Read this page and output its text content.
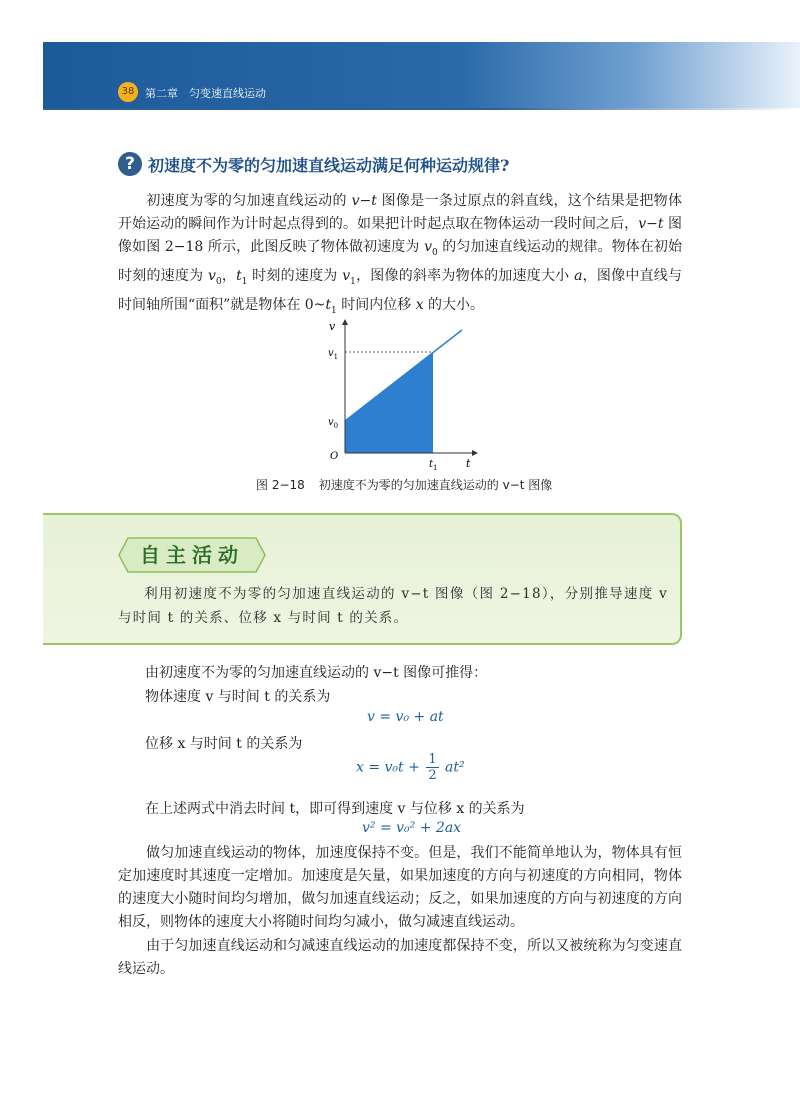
38 第二章　匀变速直线运动
? 初速度不为零的匀加速直线运动满足何种运动规律?

初速度为零的匀加速直线运动的 v−t 图像是一条过原点的斜直线，这个结果是把物体开始运动的瞬间作为计时起点得到的。如果把计时起点取在物体运动一段时间之后，v−t 图像如图 2−18 所示，此图反映了物体做初速度为 $v_0$ 的匀加速直线运动的规律。物体在初始时刻的速度为 $v_0$，$t_1$ 时刻的速度为 $v_1$，图像的斜率为物体的加速度大小 a，图像中直线与时间轴所围“面积”就是物体在 $0\sim t_1$ 时间内位移 x 的大小。

v
t
$v_1$
$v_0$
$t_1$
O
图 2−18 初速度不为零的匀加速直线运动的 v−t 图像
自主活动
利用初速度不为零的匀加速直线运动的 v−t 图像（图 2−18），分别推导速度 v 与时间 t 的关系、位移 x 与时间 t 的关系。
由初速度不为零的匀加速直线运动的 v−t 图像可推得：
物体速度 v 与时间 t 的关系为
v = v₀ + at
位移 x 与时间 t 的关系为
$x = v_0t + \frac{1}{2} at^2$
在上述两式中消去时间 t，即可得到速度 v 与位移 x 的关系为
v² = v₀² + 2ax

做匀加速直线运动的物体，加速度保持不变。但是，我们不能简单地认为，物体具有恒定加速度时其速度一定增加。加速度是矢量，如果加速度的方向与初速度的方向相同，物体的速度大小随时间均匀增加，做匀加速直线运动；反之，如果加速度的方向与初速度的方向相反，则物体的速度大小将随时间均匀减小，做匀减速直线运动。

由于匀加速直线运动和匀减速直线运动的加速度都保持不变，所以又被统称为匀变速直线运动。
